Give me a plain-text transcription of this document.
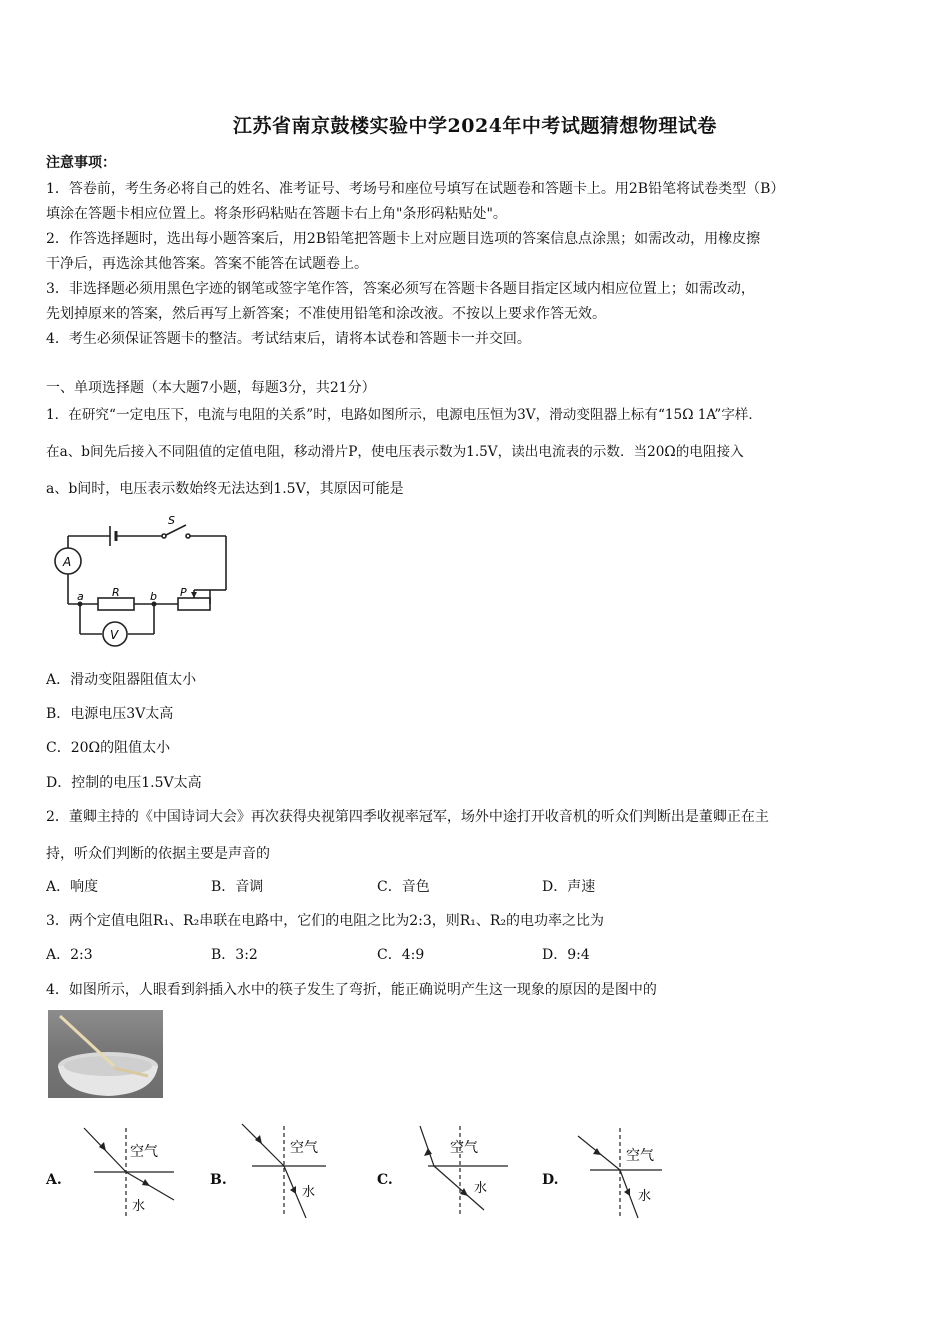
江苏省南京鼓楼实验中学2024年中考试题猜想物理试卷
注意事项：
1．答卷前，考生务必将自己的姓名、准考证号、考场号和座位号填写在试题卷和答题卡上。用2B铅笔将试卷类型（B）
填涂在答题卡相应位置上。将条形码粘贴在答题卡右上角"条形码粘贴处"。
2．作答选择题时，选出每小题答案后，用2B铅笔把答题卡上对应题目选项的答案信息点涂黑；如需改动，用橡皮擦
干净后，再选涂其他答案。答案不能答在试题卷上。
3．非选择题必须用黑色字迹的钢笔或签字笔作答，答案必须写在答题卡各题目指定区域内相应位置上；如需改动，
先划掉原来的答案，然后再写上新答案；不准使用铅笔和涂改液。不按以上要求作答无效。
4．考生必须保证答题卡的整洁。考试结束后，请将本试卷和答题卡一并交回。
一、单项选择题（本大题7小题，每题3分，共21分）
1．在研究“一定电压下，电流与电阻的关系”时，电路如图所示，电源电压恒为3V，滑动变阻器上标有“15Ω 1A”字样．
在a、b间先后接入不同阻值的定值电阻，移动滑片P，使电压表示数为1.5V，读出电流表的示数．当20Ω的电阻接入
a、b间时，电压表示数始终无法达到1.5V，其原因可能是
A
V
S
a	b
R	P
A．滑动变阻器阻值太小
B．电源电压3V太高
C．20Ω的阻值太小
D．控制的电压1.5V太高
2．董卿主持的《中国诗词大会》再次获得央视第四季收视率冠军，场外中途打开收音机的听众们判断出是董卿正在主
持，听众们判断的依据主要是声音的
A．响度	B．音调	C．音色	D．声速
3．两个定值电阻R₁、R₂串联在电路中，它们的电阻之比为2:3，则R₁、R₂的电功率之比为
A．2:3	B．3:2	C．4:9	D．9:4
4．如图所示，人眼看到斜插入水中的筷子发生了弯折，能正确说明产生这一现象的原因的是图中的
A.
空气
水
B.
空气
水
C.
空气
水
D.
空气
水
